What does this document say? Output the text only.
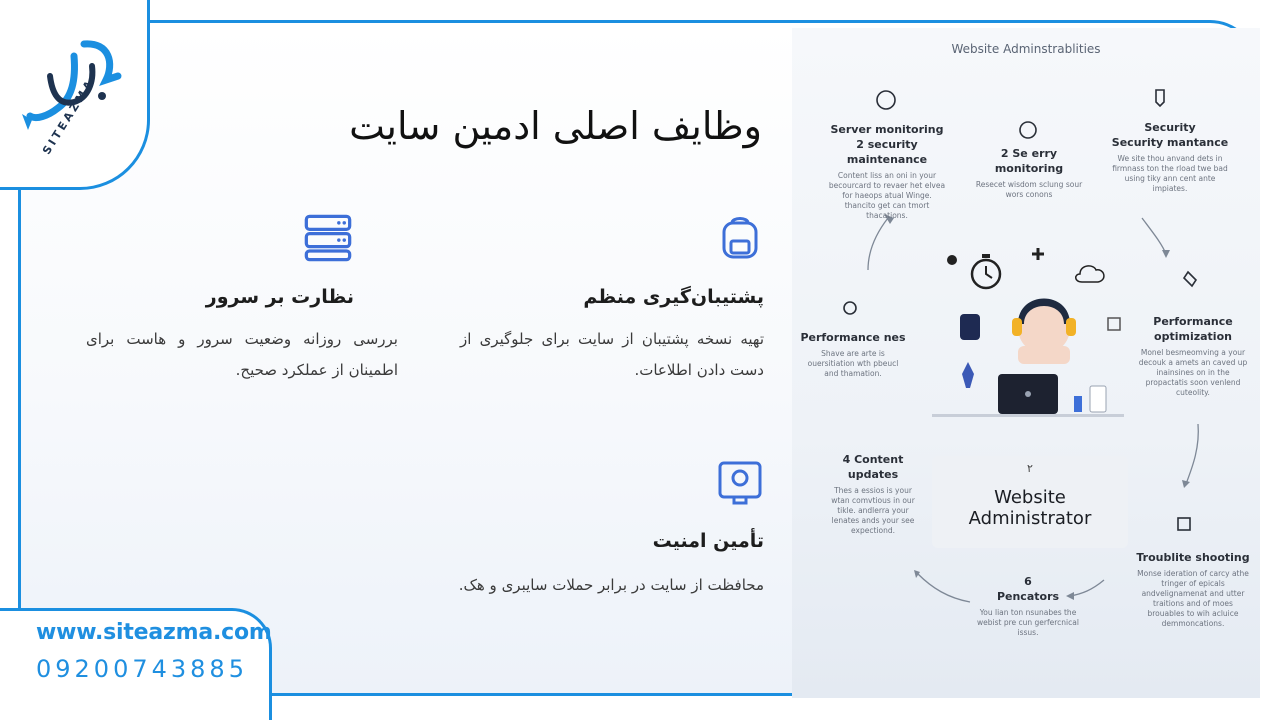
SITEAZMA
www.siteazma.com
09200743885
وظایف اصلی ادمین سایت
پشتیبان‌گیری منظم

تهیه نسخه پشتیبان از سایت برای جلوگیری از دست دادن اطلاعات.

نظارت بر سرور

بررسی روزانه وضعیت سرور و هاست برای اطمینان از عملکرد صحیح.

تأمین امنیت

محافظت از سایت در برابر حملات سایبری و هک.

Website Adminstrablities
Server monitoring
2 security maintenance
Content liss an oni in your becourcard to revaer het elvea for haeops atual Winge. thancito get can tmort thacations.
2 Se erry monitoring
Resecet wisdom sclung sour wors conons
Security
Security mantance
We site thou anvand dets in firmnass ton the rload twe bad using tiky ann cent ante impiates.
Performance
optimization
Monel besmeomving a your decouk a amets an caved up inainsines on in the propactatis soon venlend cuteolity.
Performance nes
Shave are arte is ouersitiation wth pbeucl and thamation.
Troublite shooting
Monse ideration of carcy athe tringer of epicals andvelignamenat and utter traitions and of moes brouables to wih acluice demmoncations.
6
Pencators
You lian ton nsunabes the webist pre cun gerfercnical issus.
4 Content
updates
Thes a essios is your wtan comvtious in our tikle. andlerra your lenates ands your see expectiond.
۲
Website Administrator
